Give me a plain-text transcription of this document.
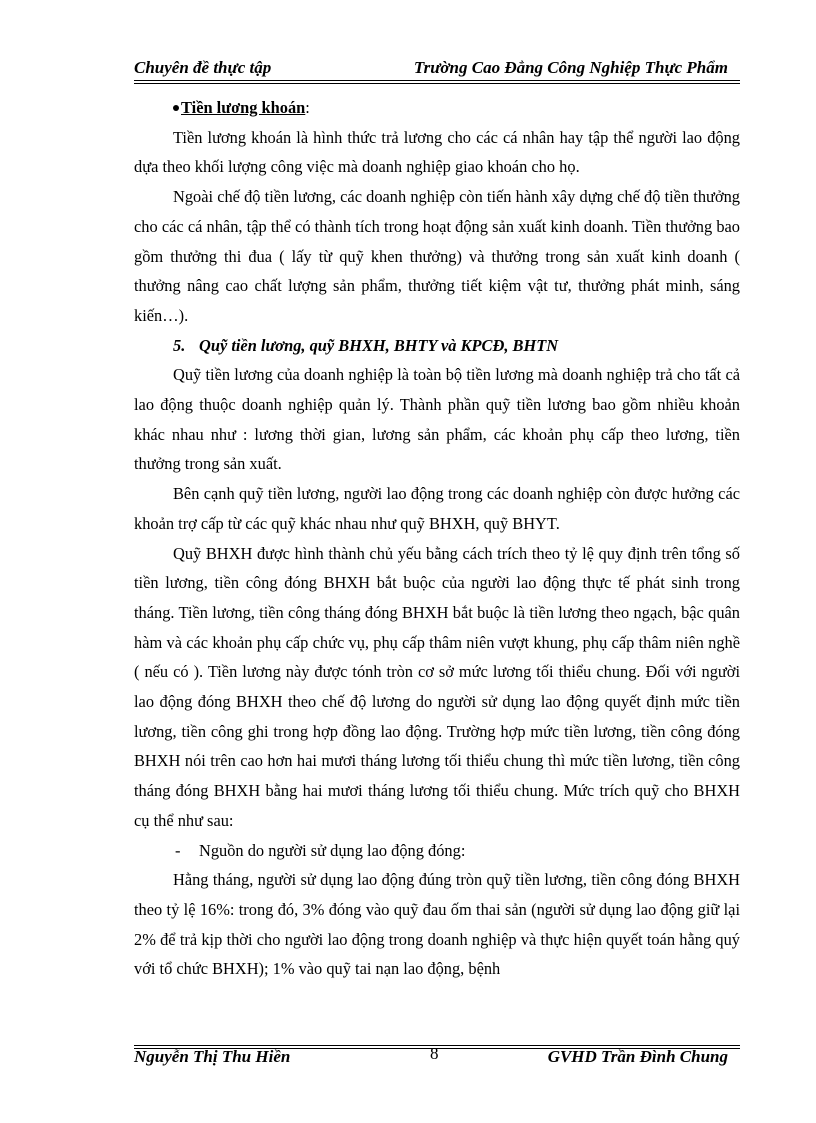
Chuyên đề thực tập	Trường Cao Đẳng Công Nghiệp Thực Phẩm
Tiền lương khoán:

Tiền lương khoán là hình thức trả lương cho các cá nhân hay tập thể người lao động dựa theo khối lượng công việc mà doanh nghiệp giao khoán cho họ.

Ngoài chế độ tiền lương, các doanh nghiệp còn tiến hành xây dựng chế độ tiền thưởng cho các cá nhân, tập thể có thành tích trong hoạt động sản xuất kinh doanh. Tiền thưởng bao gồm thưởng thi đua ( lấy từ quỹ khen thưởng) và thưởng trong sản xuất kinh doanh ( thưởng nâng cao chất lượng sản phẩm, thưởng tiết kiệm vật tư, thưởng phát minh, sáng kiến…).

5. Quỹ tiền lương, quỹ BHXH, BHTY và KPCĐ, BHTN

Quỹ tiền lương của doanh nghiệp là toàn bộ tiền lương mà doanh nghiệp trả cho tất cả lao động thuộc doanh nghiệp quản lý. Thành phần quỹ tiền lương bao gồm nhiều khoản khác nhau như : lương thời gian, lương sản phẩm, các khoản phụ cấp theo lương, tiền thưởng trong sản xuất.

Bên cạnh quỹ tiền lương, người lao động trong các doanh nghiệp còn được hưởng các khoản trợ cấp từ các quỹ khác nhau như quỹ BHXH, quỹ BHYT.

Quỹ BHXH được hình thành chủ yếu bằng cách trích theo tỷ lệ quy định trên tổng số tiền lương, tiền công đóng BHXH bắt buộc của người lao động thực tế phát sinh trong tháng. Tiền lương, tiền công tháng đóng BHXH bắt buộc là tiền lương theo ngạch, bậc quân hàm và các khoản phụ cấp chức vụ, phụ cấp thâm niên vượt khung, phụ cấp thâm niên nghề ( nếu có ). Tiền lương này được tónh tròn cơ sở mức lương tối thiểu chung. Đối với người lao động đóng BHXH theo chế độ lương do người sử dụng lao động quyết định mức tiền lương, tiền công ghi trong hợp đồng lao động. Trường hợp mức tiền lương, tiền công đóng BHXH nói trên cao hơn hai mươi tháng lương tối thiểu chung thì mức tiền lương, tiền công tháng đóng BHXH bằng hai mươi tháng lương tối thiểu chung. Mức trích quỹ cho BHXH cụ thể như sau:

- Nguồn do người sử dụng lao động đóng:

Hằng tháng, người sử dụng lao động đúng tròn quỹ tiền lương, tiền công đóng BHXH theo tỷ lệ 16%: trong đó, 3% đóng vào quỹ đau ốm thai sản (người sử dụng lao động giữ lại 2% để trả kịp thời cho người lao động trong doanh nghiệp và thực hiện quyết toán hằng quý với tổ chức BHXH); 1% vào quỹ tai nạn lao động, bệnh

Nguyễn Thị Thu Hiền	8	GVHD Trần Đình Chung
